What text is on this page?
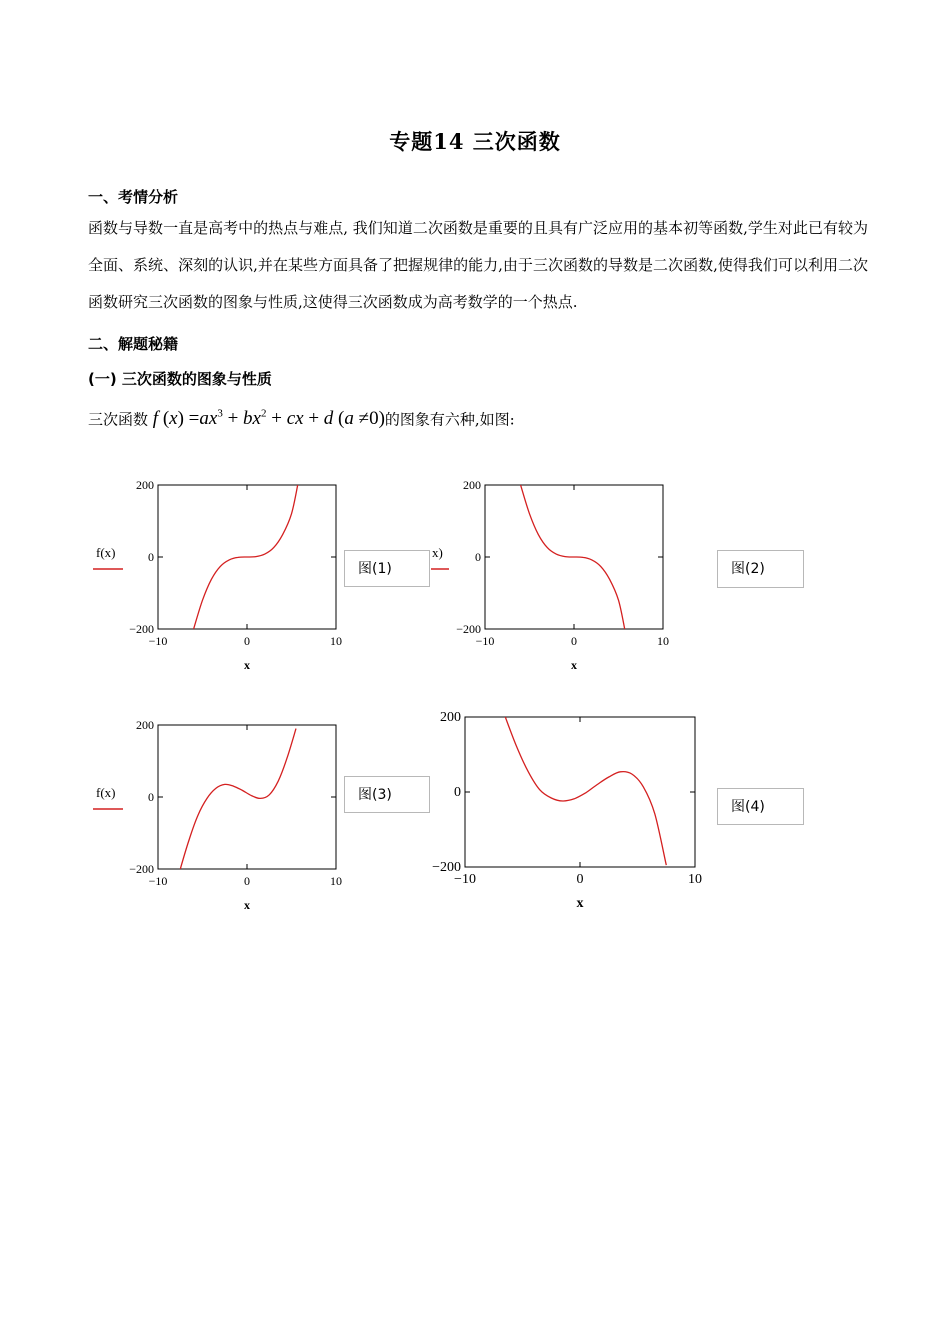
专题14 三次函数
一、考情分析
函数与导数一直是高考中的热点与难点, 我们知道二次函数是重要的且具有广泛应用的基本初等函数,学生对此已有较为全面、系统、深刻的认识,并在某些方面具备了把握规律的能力,由于三次函数的导数是二次函数,使得我们可以利用二次函数研究三次函数的图象与性质,这使得三次函数成为高考数学的一个热点.
二、解题秘籍
(一) 三次函数的图象与性质
三次函数 f $(x) =ax^3 + bx^2$ + cx + d (a ≠0)的图象有六种,如图:
200
0
−200
−10	0	10
x
f(x)
200
0
−200
−10	0	10
x
x)
200
0
−200
−10	0	10
x
f(x)
200
0
−200
−10	0	10
x
图(1)	图(2)
图(3)
图(4)
